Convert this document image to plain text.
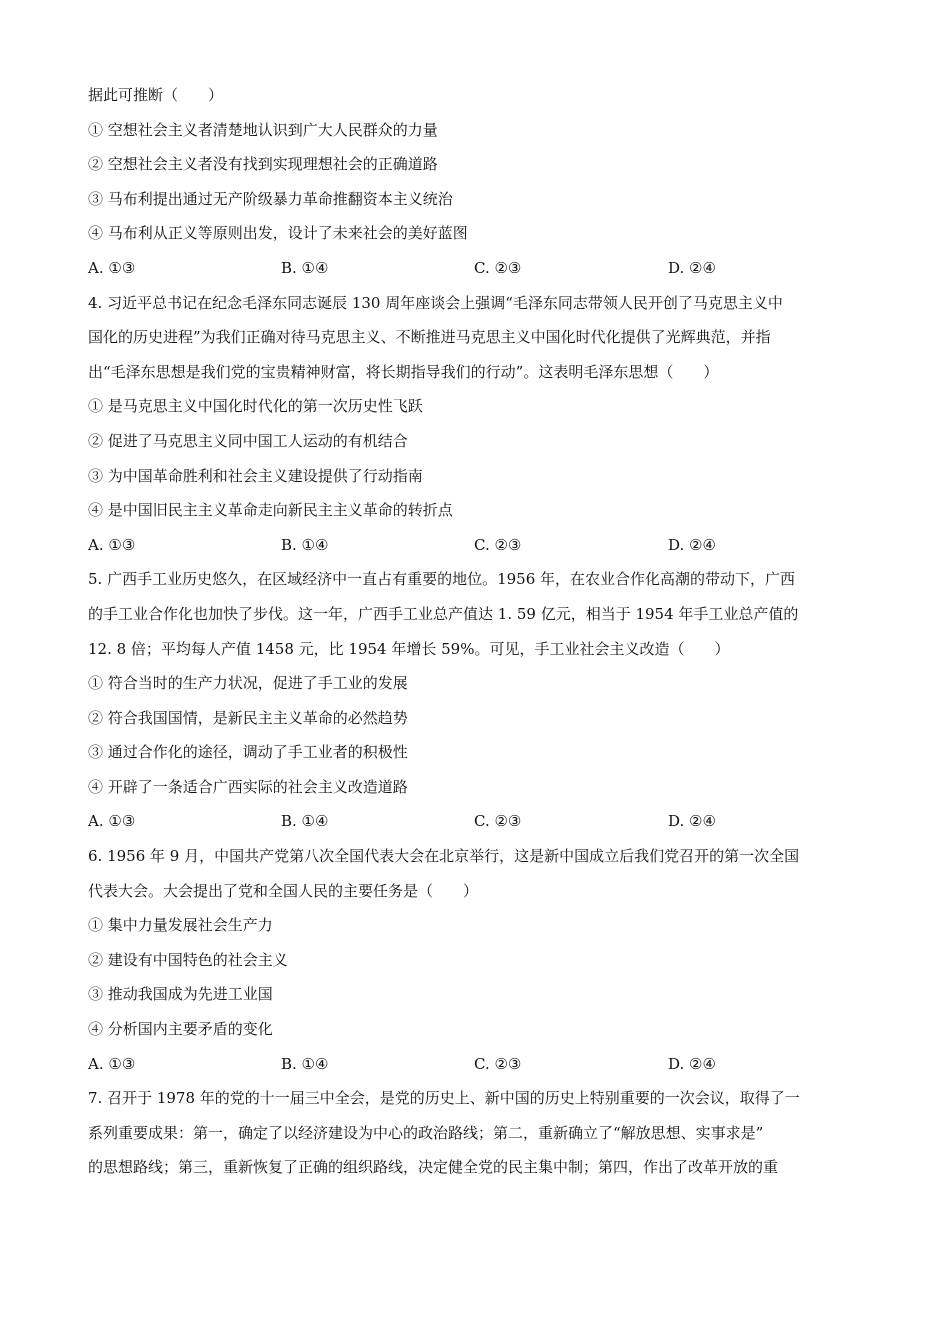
据此可推断（　　）
① 空想社会主义者清楚地认识到广大人民群众的力量
② 空想社会主义者没有找到实现理想社会的正确道路
③ 马布利提出通过无产阶级暴力革命推翻资本主义统治
④ 马布利从正义等原则出发，设计了未来社会的美好蓝图
A. ①③	B. ①④	C. ②③	D. ②④
4. 习近平总书记在纪念毛泽东同志诞辰 130 周年座谈会上强调“毛泽东同志带领人民开创了马克思主义中
国化的历史进程”为我们正确对待马克思主义、不断推进马克思主义中国化时代化提供了光辉典范，并指
出“毛泽东思想是我们党的宝贵精神财富，将长期指导我们的行动”。这表明毛泽东思想（　　）
① 是马克思主义中国化时代化的第一次历史性飞跃
② 促进了马克思主义同中国工人运动的有机结合
③ 为中国革命胜利和社会主义建设提供了行动指南
④ 是中国旧民主主义革命走向新民主主义革命的转折点
A. ①③	B. ①④	C. ②③	D. ②④
5. 广西手工业历史悠久，在区域经济中一直占有重要的地位。1956 年，在农业合作化高潮的带动下，广西
的手工业合作化也加快了步伐。这一年，广西手工业总产值达 1. 59 亿元，相当于 1954 年手工业总产值的
12. 8 倍；平均每人产值 1458 元，比 1954 年增长 59%。可见，手工业社会主义改造（　　）
① 符合当时的生产力状况，促进了手工业的发展
② 符合我国国情，是新民主主义革命的必然趋势
③ 通过合作化的途径，调动了手工业者的积极性
④ 开辟了一条适合广西实际的社会主义改造道路
A. ①③	B. ①④	C. ②③	D. ②④
6. 1956 年 9 月，中国共产党第八次全国代表大会在北京举行，这是新中国成立后我们党召开的第一次全国
代表大会。大会提出了党和全国人民的主要任务是（　　）
① 集中力量发展社会生产力
② 建设有中国特色的社会主义
③ 推动我国成为先进工业国
④ 分析国内主要矛盾的变化
A. ①③	B. ①④	C. ②③	D. ②④
7. 召开于 1978 年的党的十一届三中全会，是党的历史上、新中国的历史上特别重要的一次会议，取得了一
系列重要成果：第一，确定了以经济建设为中心的政治路线；第二，重新确立了“解放思想、实事求是”
的思想路线；第三，重新恢复了正确的组织路线，决定健全党的民主集中制；第四，作出了改革开放的重
